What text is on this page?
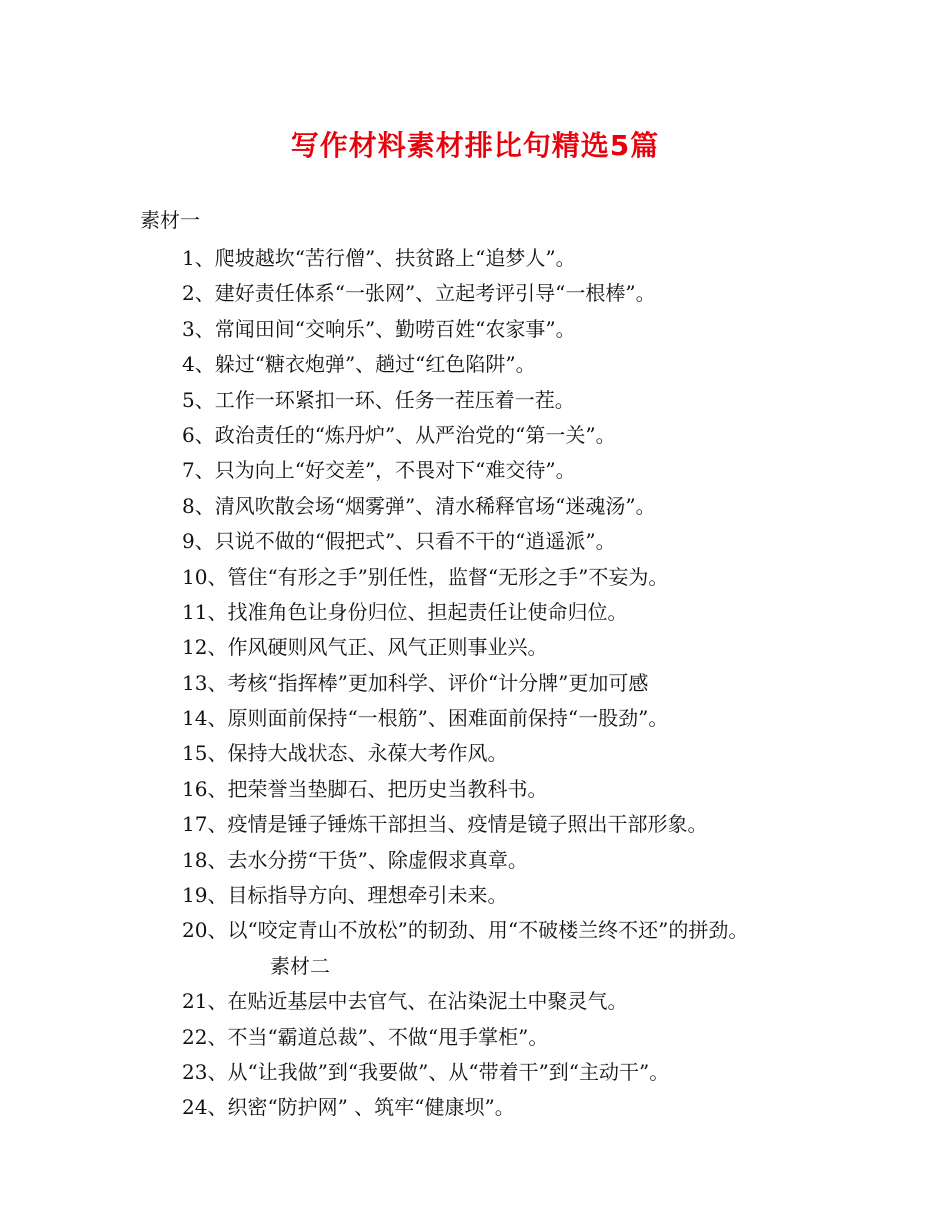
写作材料素材排比句精选5篇
素材一
1、爬坡越坎“苦行僧”、扶贫路上“追梦人”。
2、建好责任体系“一张网”、立起考评引导“一根棒”。
3、常闻田间“交响乐”、勤唠百姓“农家事”。
4、躲过“糖衣炮弹”、趟过“红色陷阱”。
5、工作一环紧扣一环、任务一茬压着一茬。
6、政治责任的“炼丹炉”、从严治党的“第一关”。
7、只为向上“好交差”，不畏对下“难交待”。
8、清风吹散会场“烟雾弹”、清水稀释官场“迷魂汤”。
9、只说不做的“假把式”、只看不干的“逍遥派”。
10、管住“有形之手”别任性，监督“无形之手”不妄为。
11、找准角色让身份归位、担起责任让使命归位。
12、作风硬则风气正、风气正则事业兴。
13、考核“指挥棒”更加科学、评价“计分牌”更加可感
14、原则面前保持“一根筋”、困难面前保持“一股劲”。
15、保持大战状态、永葆大考作风。
16、把荣誉当垫脚石、把历史当教科书。
17、疫情是锤子锤炼干部担当、疫情是镜子照出干部形象。
18、去水分捞“干货”、除虚假求真章。
19、目标指导方向、理想牵引未来。
20、以“咬定青山不放松”的韧劲、用“不破楼兰终不还”的拼劲。
素材二
21、在贴近基层中去官气、在沾染泥土中聚灵气。
22、不当“霸道总裁”、不做“甩手掌柜”。
23、从“让我做”到“我要做”、从“带着干”到“主动干”。
24、织密“防护网” 、筑牢“健康坝”。
